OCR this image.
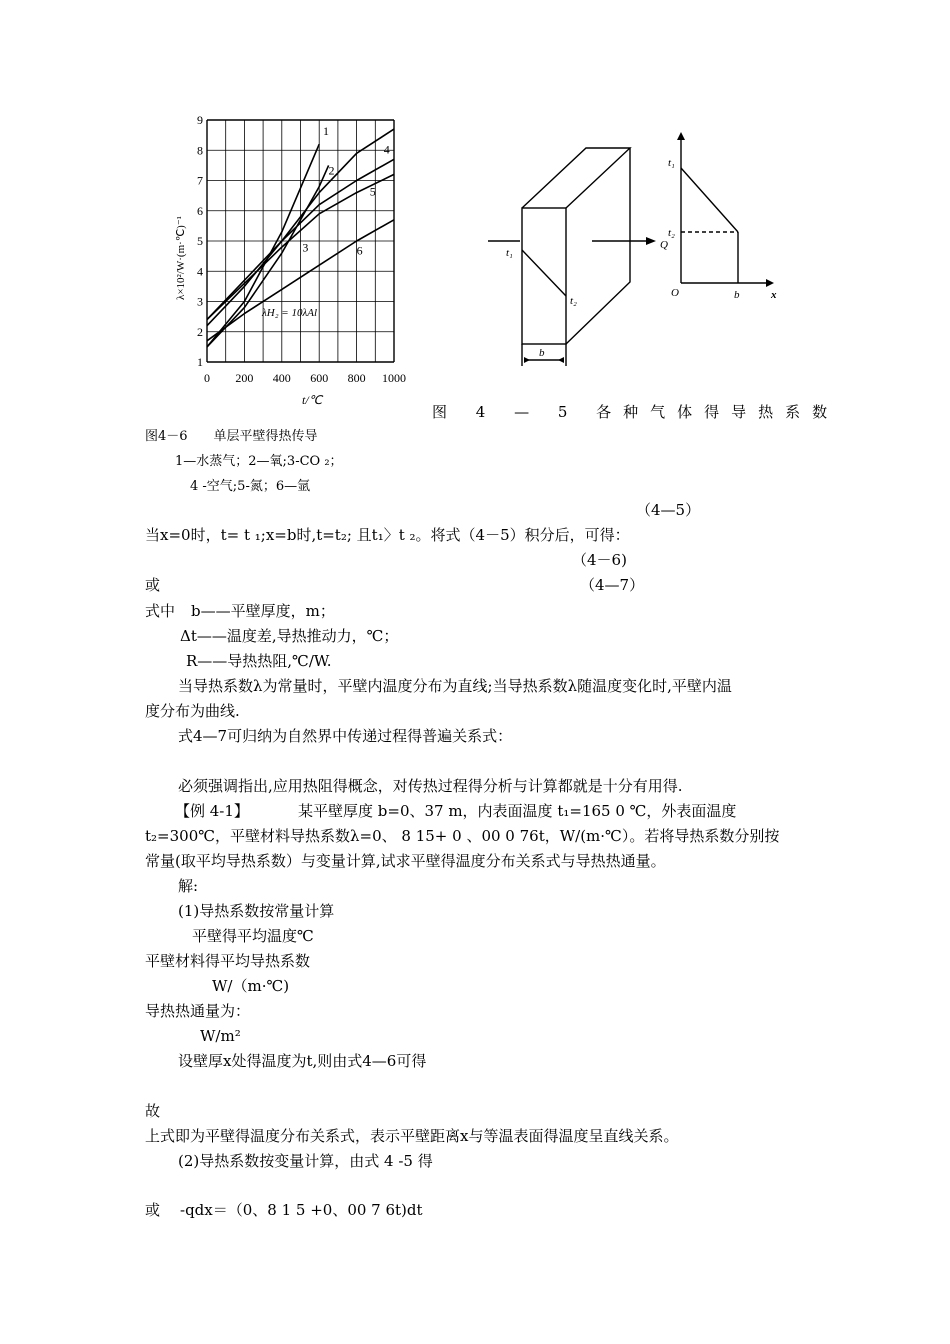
1
2
3
4
5
6
0 200 400 600 800 1000
1
2
3
4
5
6
7
8
9
λH₂ = 10λAl
t/℃
λ×10²/W·(m·℃)⁻¹	t₁
t₂
b
Q
t₁
t₂
O	b	x
图 4 — 5 各种气体得导热系数
图4－6　　单层平壁得热传导
1—水蒸气；2—氧;3-CO ₂；
4 -空气;5-氮；6—氩
（4—5）
当x=0时，t= t ₁;x=b时,t=t₂; 且t₁〉t ₂。将式（4－5）积分后，可得：
（4－6)
或	（4—7）
式中 b——平壁厚度，m；
Δt——温度差,导热推动力，℃；
R——导热热阻,℃/W.
当导热系数λ为常量时，平壁内温度分布为直线;当导热系数λ随温度变化时,平壁内温
度分布为曲线.
式4—7可归纳为自然界中传递过程得普遍关系式：
必须强调指出,应用热阻得概念，对传热过程得分析与计算都就是十分有用得.
【例 4-1】	某平壁厚度 b=0、37 m，内表面温度 t₁=165 0 ℃，外表面温度
t₂=300℃，平壁材料导热系数λ=0、 8 15+ 0 、00 0 76t，W/(m·℃）。若将导热系数分别按
常量(取平均导热系数）与变量计算,试求平壁得温度分布关系式与导热热通量。
解:
(1)导热系数按常量计算
平壁得平均温度℃
平壁材料得平均导热系数
W/（m·℃)
导热热通量为：
W/m²
设壁厚x处得温度为t,则由式4—6可得
故
上式即为平壁得温度分布关系式，表示平壁距离x与等温表面得温度呈直线关系。
(2)导热系数按变量计算，由式 4 -5 得
或 -qdx＝（0、8 1 5 +0、00 7 6t)dt
